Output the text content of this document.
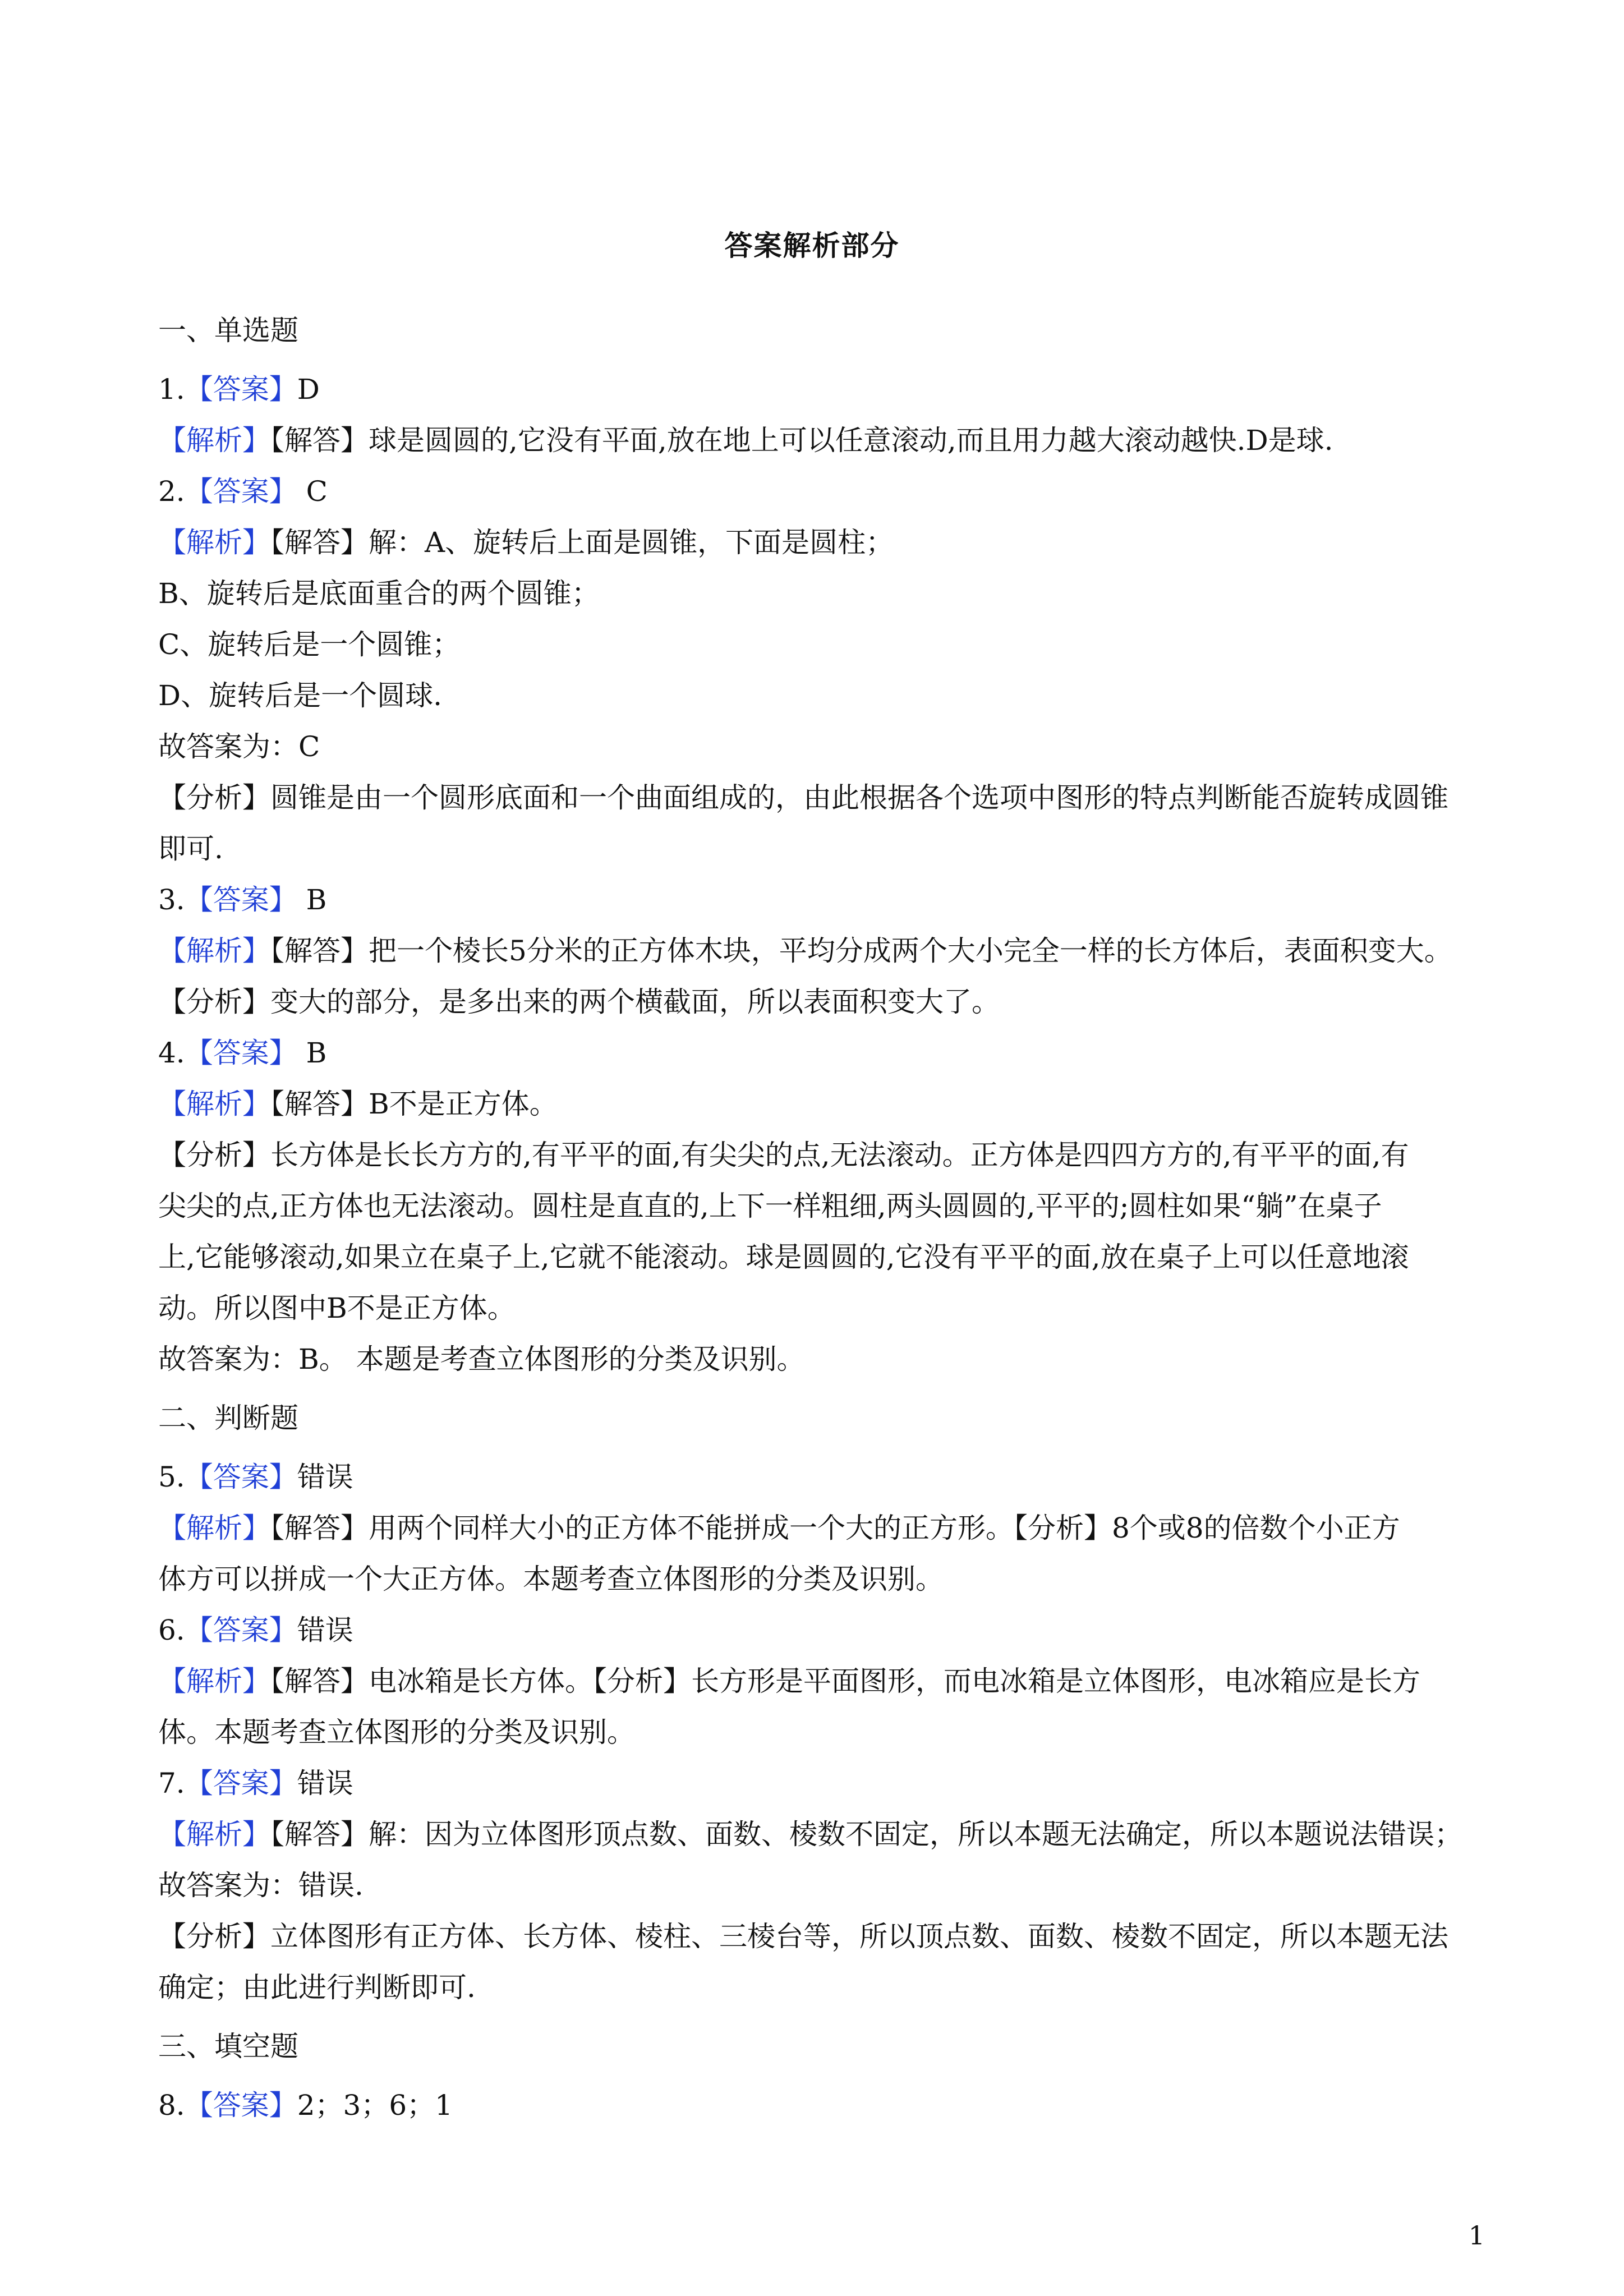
答案解析部分
一、单选题
1.【答案】D
【解析】【解答】球是圆圆的,它没有平面,放在地上可以任意滚动,而且用力越大滚动越快.D是球.
2.【答案】 C
【解析】【解答】解：A、旋转后上面是圆锥，下面是圆柱；
B、旋转后是底面重合的两个圆锥；
C、旋转后是一个圆锥；
D、旋转后是一个圆球.
故答案为：C
【分析】圆锥是由一个圆形底面和一个曲面组成的，由此根据各个选项中图形的特点判断能否旋转成圆锥
即可.
3.【答案】 B
【解析】【解答】把一个棱长5分米的正方体木块，平均分成两个大小完全一样的长方体后，表面积变大。
【分析】变大的部分，是多出来的两个横截面，所以表面积变大了。
4.【答案】 B
【解析】【解答】B不是正方体。
【分析】长方体是长长方方的,有平平的面,有尖尖的点,无法滚动。正方体是四四方方的,有平平的面,有
尖尖的点,正方体也无法滚动。圆柱是直直的,上下一样粗细,两头圆圆的,平平的;圆柱如果“躺”在桌子
上,它能够滚动,如果立在桌子上,它就不能滚动。球是圆圆的,它没有平平的面,放在桌子上可以任意地滚
动。所以图中B不是正方体。
故答案为：B。 本题是考查立体图形的分类及识别。
二、判断题
5.【答案】错误
【解析】【解答】用两个同样大小的正方体不能拼成一个大的正方形。【分析】8个或8的倍数个小正方
体方可以拼成一个大正方体。本题考查立体图形的分类及识别。
6.【答案】错误
【解析】【解答】电冰箱是长方体。【分析】长方形是平面图形，而电冰箱是立体图形，电冰箱应是长方
体。本题考查立体图形的分类及识别。
7.【答案】错误
【解析】【解答】解：因为立体图形顶点数、面数、棱数不固定，所以本题无法确定，所以本题说法错误；
故答案为：错误.
【分析】立体图形有正方体、长方体、棱柱、三棱台等，所以顶点数、面数、棱数不固定，所以本题无法
确定；由此进行判断即可.
三、填空题
8.【答案】2；3；6；1
1
